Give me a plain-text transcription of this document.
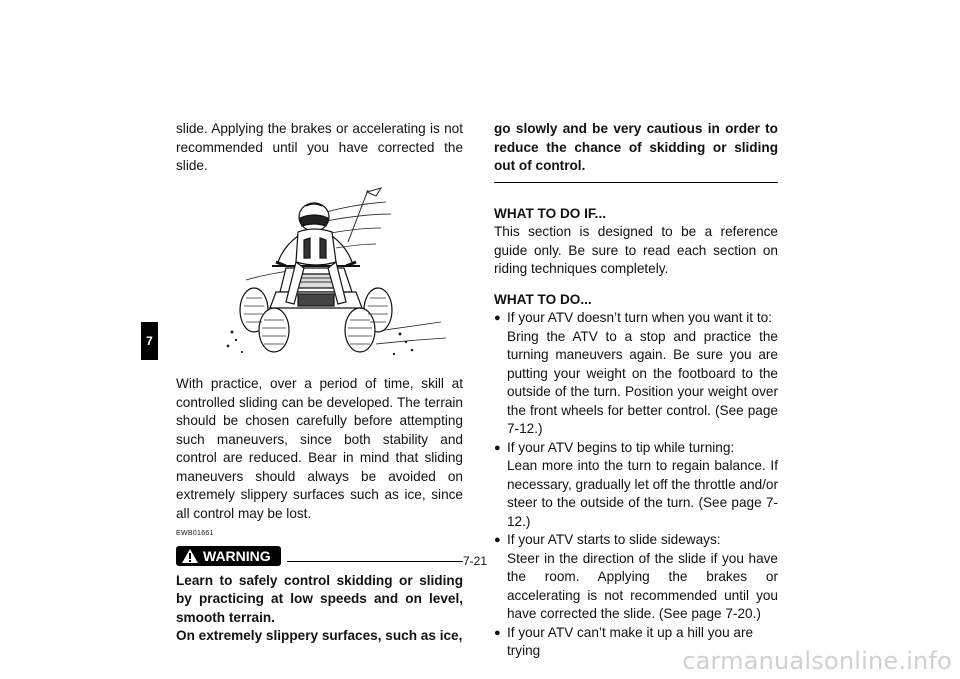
7

slide. Applying the brakes or accelerating is not recommended until you have corrected the slide.

With practice, over a period of time, skill at controlled sliding can be developed. The terrain should be chosen carefully before attempting such maneuvers, since both stability and control are reduced. Bear in mind that sliding maneuvers should always be avoided on extremely slippery surfaces such as ice, since all control may be lost.

EWB01661
WARNING

Learn to safely control skidding or sliding by practicing at low speeds and on level, smooth terrain.

On extremely slippery surfaces, such as ice,

go slowly and be very cautious in order to reduce the chance of skidding or sliding out of control.

WHAT TO DO IF...

This section is designed to be a reference guide only. Be sure to read each section on riding techniques completely.

WHAT TO DO...

● If your ATV doesn’t turn when you want it to:
Bring the ATV to a stop and practice the turning maneuvers again. Be sure you are putting your weight on the footboard to the outside of the turn. Position your weight over the front wheels for better control. (See page 7-12.)
● If your ATV begins to tip while turning:
Lean more into the turn to regain balance. If necessary, gradually let off the throttle and/or steer to the outside of the turn. (See page 7-12.)
● If your ATV starts to slide sideways:
Steer in the direction of the slide if you have the room. Applying the brakes or accelerating is not recommended until you have corrected the slide. (See page 7-20.)
● If your ATV can’t make it up a hill you are trying
7-21
carmanualsonline.info
